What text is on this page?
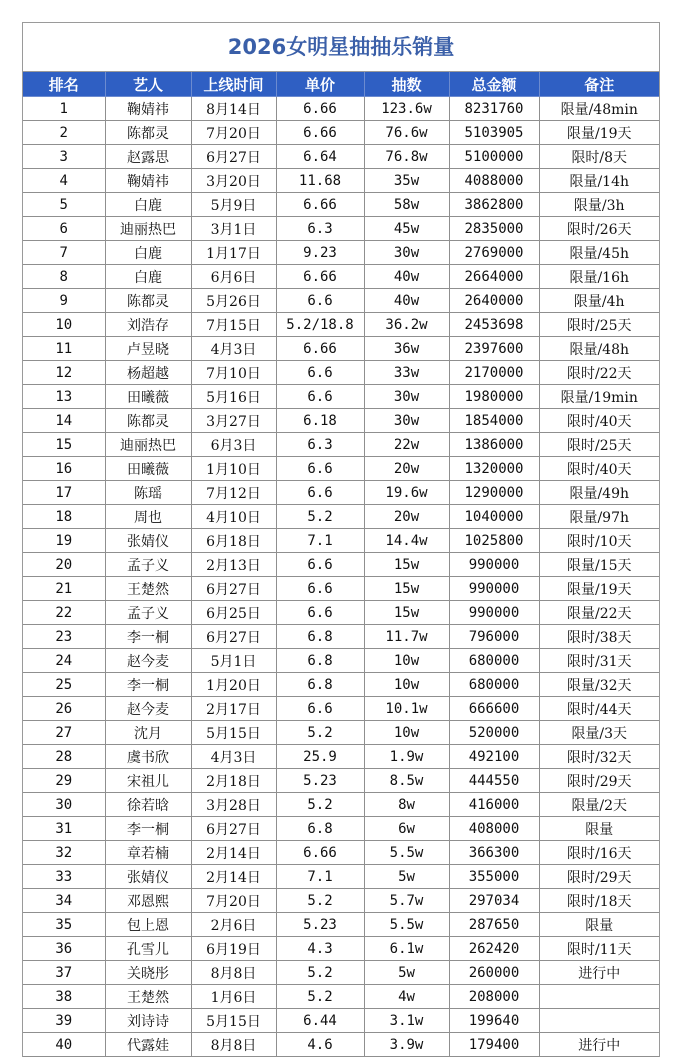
2026女明星抽抽乐销量
排名	艺人	上线时间	单价	抽数	总金额	备注
1	鞠婧祎	8月14日	6.66	123.6w	8231760	限量/48min
2	陈都灵	7月20日	6.66	76.6w	5103905	限量/19天
3	赵露思	6月27日	6.64	76.8w	5100000	限时/8天
4	鞠婧祎	3月20日	11.68	35w	4088000	限量/14h
5	白鹿	5月9日	6.66	58w	3862800	限量/3h
6	迪丽热巴	3月1日	6.3	45w	2835000	限时/26天
7	白鹿	1月17日	9.23	30w	2769000	限量/45h
8	白鹿	6月6日	6.66	40w	2664000	限量/16h
9	陈都灵	5月26日	6.6	40w	2640000	限量/4h
10	刘浩存	7月15日	5.2/18.8	36.2w	2453698	限时/25天
11	卢昱晓	4月3日	6.66	36w	2397600	限量/48h
12	杨超越	7月10日	6.6	33w	2170000	限时/22天
13	田曦薇	5月16日	6.6	30w	1980000	限量/19min
14	陈都灵	3月27日	6.18	30w	1854000	限时/40天
15	迪丽热巴	6月3日	6.3	22w	1386000	限时/25天
16	田曦薇	1月10日	6.6	20w	1320000	限时/40天
17	陈瑶	7月12日	6.6	19.6w	1290000	限量/49h
18	周也	4月10日	5.2	20w	1040000	限量/97h
19	张婧仪	6月18日	7.1	14.4w	1025800	限时/10天
20	孟子义	2月13日	6.6	15w	990000	限量/15天
21	王楚然	6月27日	6.6	15w	990000	限量/19天
22	孟子义	6月25日	6.6	15w	990000	限量/22天
23	李一桐	6月27日	6.8	11.7w	796000	限时/38天
24	赵今麦	5月1日	6.8	10w	680000	限时/31天
25	李一桐	1月20日	6.8	10w	680000	限量/32天
26	赵今麦	2月17日	6.6	10.1w	666600	限时/44天
27	沈月	5月15日	5.2	10w	520000	限量/3天
28	虞书欣	4月3日	25.9	1.9w	492100	限时/32天
29	宋祖儿	2月18日	5.23	8.5w	444550	限时/29天
30	徐若晗	3月28日	5.2	8w	416000	限量/2天
31	李一桐	6月27日	6.8	6w	408000	限量
32	章若楠	2月14日	6.66	5.5w	366300	限时/16天
33	张婧仪	2月14日	7.1	5w	355000	限时/29天
34	邓恩熙	7月20日	5.2	5.7w	297034	限时/18天
35	包上恩	2月6日	5.23	5.5w	287650	限量
36	孔雪儿	6月19日	4.3	6.1w	262420	限时/11天
37	关晓彤	8月8日	5.2	5w	260000	进行中
38	王楚然	1月6日	5.2	4w	208000	
39	刘诗诗	5月15日	6.44	3.1w	199640	
40	代露娃	8月8日	4.6	3.9w	179400	进行中
